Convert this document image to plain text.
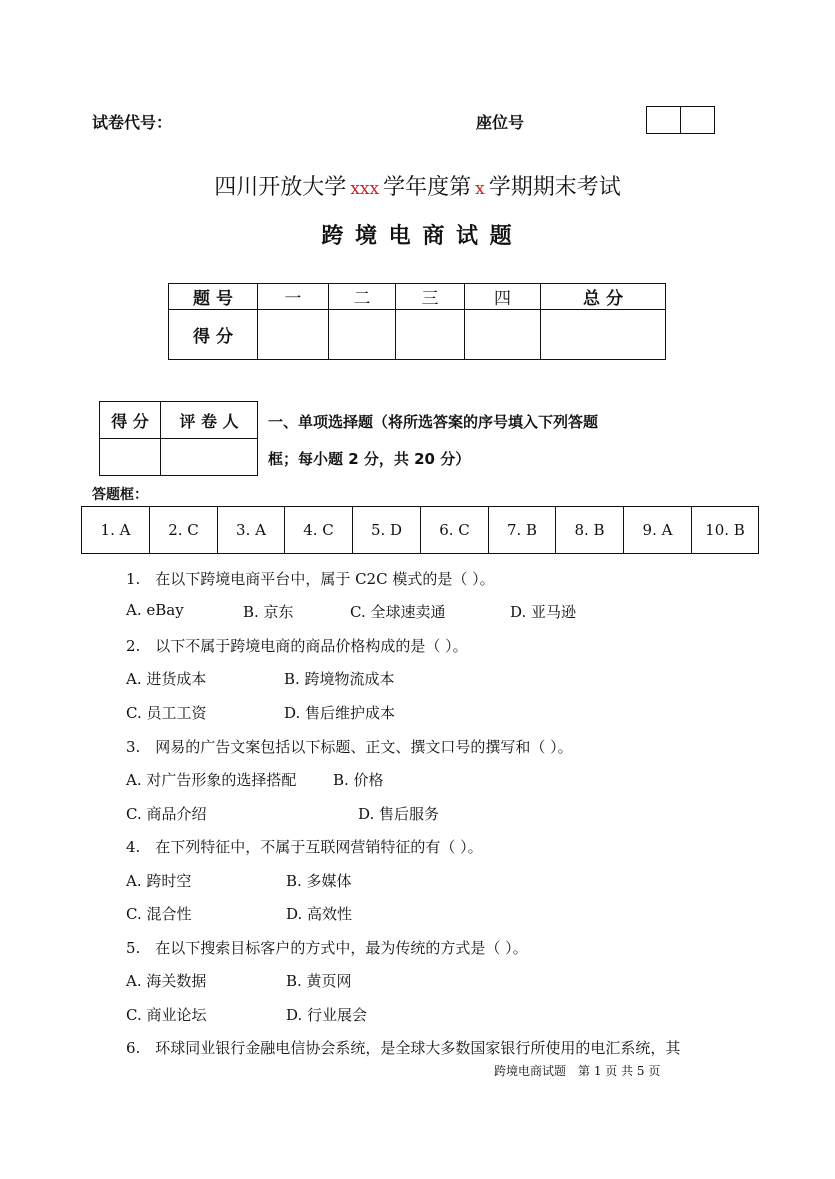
试卷代号：	座位号

四川开放大学 xxx 学年度第 x 学期期末考试
跨 境 电 商 试 题
题 号	一	二	三	四	总 分
得 分					
得 分	评 卷 人
	一、单项选择题（将所选答案的序号填入下列答题
框；每小题 2 分，共 20 分）
答题框：
1. A	2. C	3. A	4. C	5. D	6. C	7. B	8. B	9. A	10. B
1.　在以下跨境电商平台中，属于 C2C 模式的是（ ）。
A. eBay	B. 京东	C. 全球速卖通	D. 亚马逊
2.　以下不属于跨境电商的商品价格构成的是（ ）。
A. 进货成本	B. 跨境物流成本
C. 员工工资	D. 售后维护成本
3.　网易的广告文案包括以下标题、正文、撰文口号的撰写和（ ）。
A. 对广告形象的选择搭配 B. 价格
C. 商品介绍	D. 售后服务
4.　在下列特征中，不属于互联网营销特征的有（ ）。
A. 跨时空	B. 多媒体
C. 混合性	D. 高效性
5.　在以下搜索目标客户的方式中，最为传统的方式是（ ）。
A. 海关数据	B. 黄页网
C. 商业论坛	D. 行业展会
6.　环球同业银行金融电信协会系统，是全球大多数国家银行所使用的电汇系统，其
跨境电商试题　第 1 页 共 5 页
